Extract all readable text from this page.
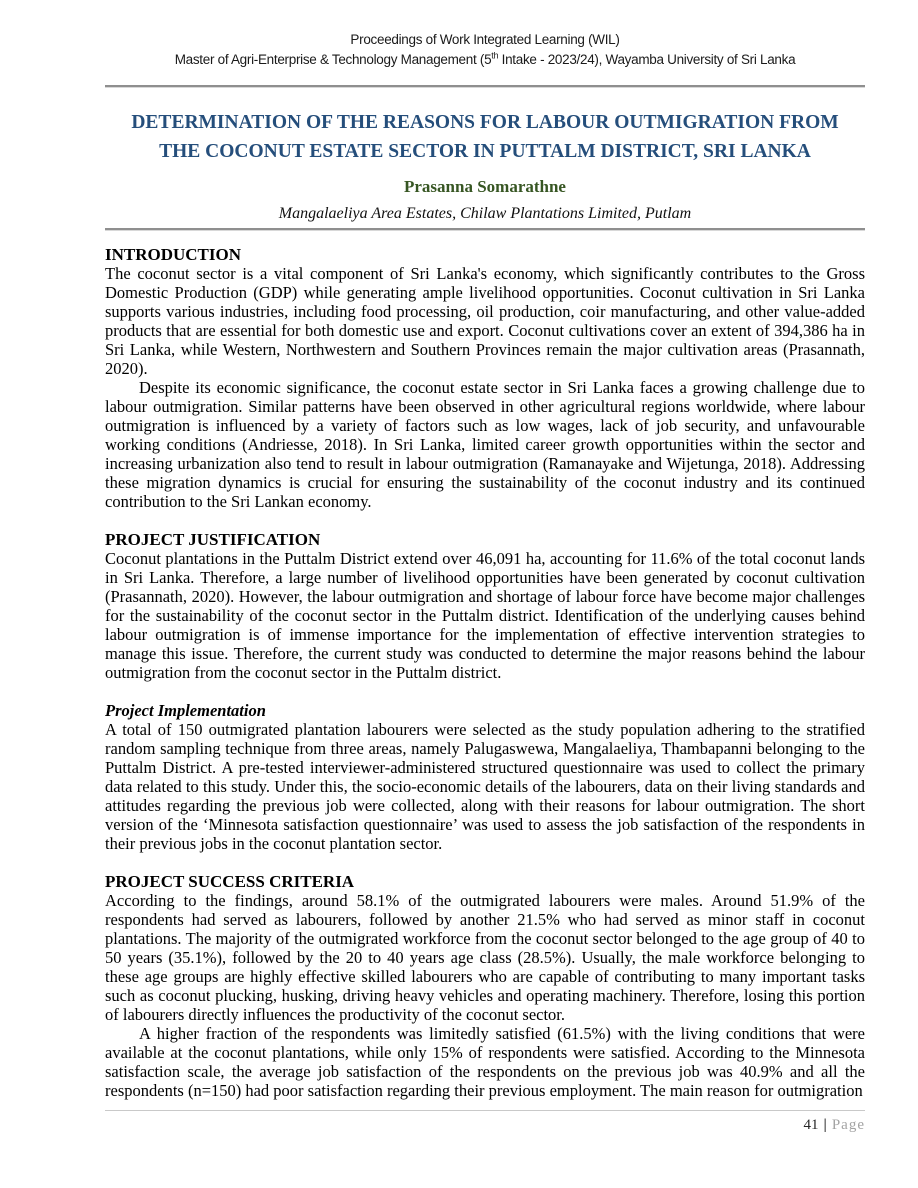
Proceedings of Work Integrated Learning (WIL)
Master of Agri-Enterprise & Technology Management (5th Intake - 2023/24), Wayamba University of Sri Lanka
DETERMINATION OF THE REASONS FOR LABOUR OUTMIGRATION FROM THE COCONUT ESTATE SECTOR IN PUTTALM DISTRICT, SRI LANKA
Prasanna Somarathne
Mangalaeliya Area Estates, Chilaw Plantations Limited, Putlam
INTRODUCTION

The coconut sector is a vital component of Sri Lanka's economy, which significantly contributes to the Gross Domestic Production (GDP) while generating ample livelihood opportunities. Coconut cultivation in Sri Lanka supports various industries, including food processing, oil production, coir manufacturing, and other value-added products that are essential for both domestic use and export. Coconut cultivations cover an extent of 394,386 ha in Sri Lanka, while Western, Northwestern and Southern Provinces remain the major cultivation areas (Prasannath, 2020).

Despite its economic significance, the coconut estate sector in Sri Lanka faces a growing challenge due to labour outmigration. Similar patterns have been observed in other agricultural regions worldwide, where labour outmigration is influenced by a variety of factors such as low wages, lack of job security, and unfavourable working conditions (Andriesse, 2018). In Sri Lanka, limited career growth opportunities within the sector and increasing urbanization also tend to result in labour outmigration (Ramanayake and Wijetunga, 2018). Addressing these migration dynamics is crucial for ensuring the sustainability of the coconut industry and its continued contribution to the Sri Lankan economy.

PROJECT JUSTIFICATION

Coconut plantations in the Puttalm District extend over 46,091 ha, accounting for 11.6% of the total coconut lands in Sri Lanka. Therefore, a large number of livelihood opportunities have been generated by coconut cultivation (Prasannath, 2020). However, the labour outmigration and shortage of labour force have become major challenges for the sustainability of the coconut sector in the Puttalm district. Identification of the underlying causes behind labour outmigration is of immense importance for the implementation of effective intervention strategies to manage this issue. Therefore, the current study was conducted to determine the major reasons behind the labour outmigration from the coconut sector in the Puttalm district.

Project Implementation

A total of 150 outmigrated plantation labourers were selected as the study population adhering to the stratified random sampling technique from three areas, namely Palugaswewa, Mangalaeliya, Thambapanni belonging to the Puttalm District. A pre-tested interviewer-administered structured questionnaire was used to collect the primary data related to this study. Under this, the socio-economic details of the labourers, data on their living standards and attitudes regarding the previous job were collected, along with their reasons for labour outmigration. The short version of the ‘Minnesota satisfaction questionnaire’ was used to assess the job satisfaction of the respondents in their previous jobs in the coconut plantation sector.

PROJECT SUCCESS CRITERIA

According to the findings, around 58.1% of the outmigrated labourers were males. Around 51.9% of the respondents had served as labourers, followed by another 21.5% who had served as minor staff in coconut plantations. The majority of the outmigrated workforce from the coconut sector belonged to the age group of 40 to 50 years (35.1%), followed by the 20 to 40 years age class (28.5%). Usually, the male workforce belonging to these age groups are highly effective skilled labourers who are capable of contributing to many important tasks such as coconut plucking, husking, driving heavy vehicles and operating machinery. Therefore, losing this portion of labourers directly influences the productivity of the coconut sector.

A higher fraction of the respondents was limitedly satisfied (61.5%) with the living conditions that were available at the coconut plantations, while only 15% of respondents were satisfied. According to the Minnesota satisfaction scale, the average job satisfaction of the respondents on the previous job was 40.9% and all the respondents (n=150) had poor satisfaction regarding their previous employment. The main reason for outmigration

41 | Page
